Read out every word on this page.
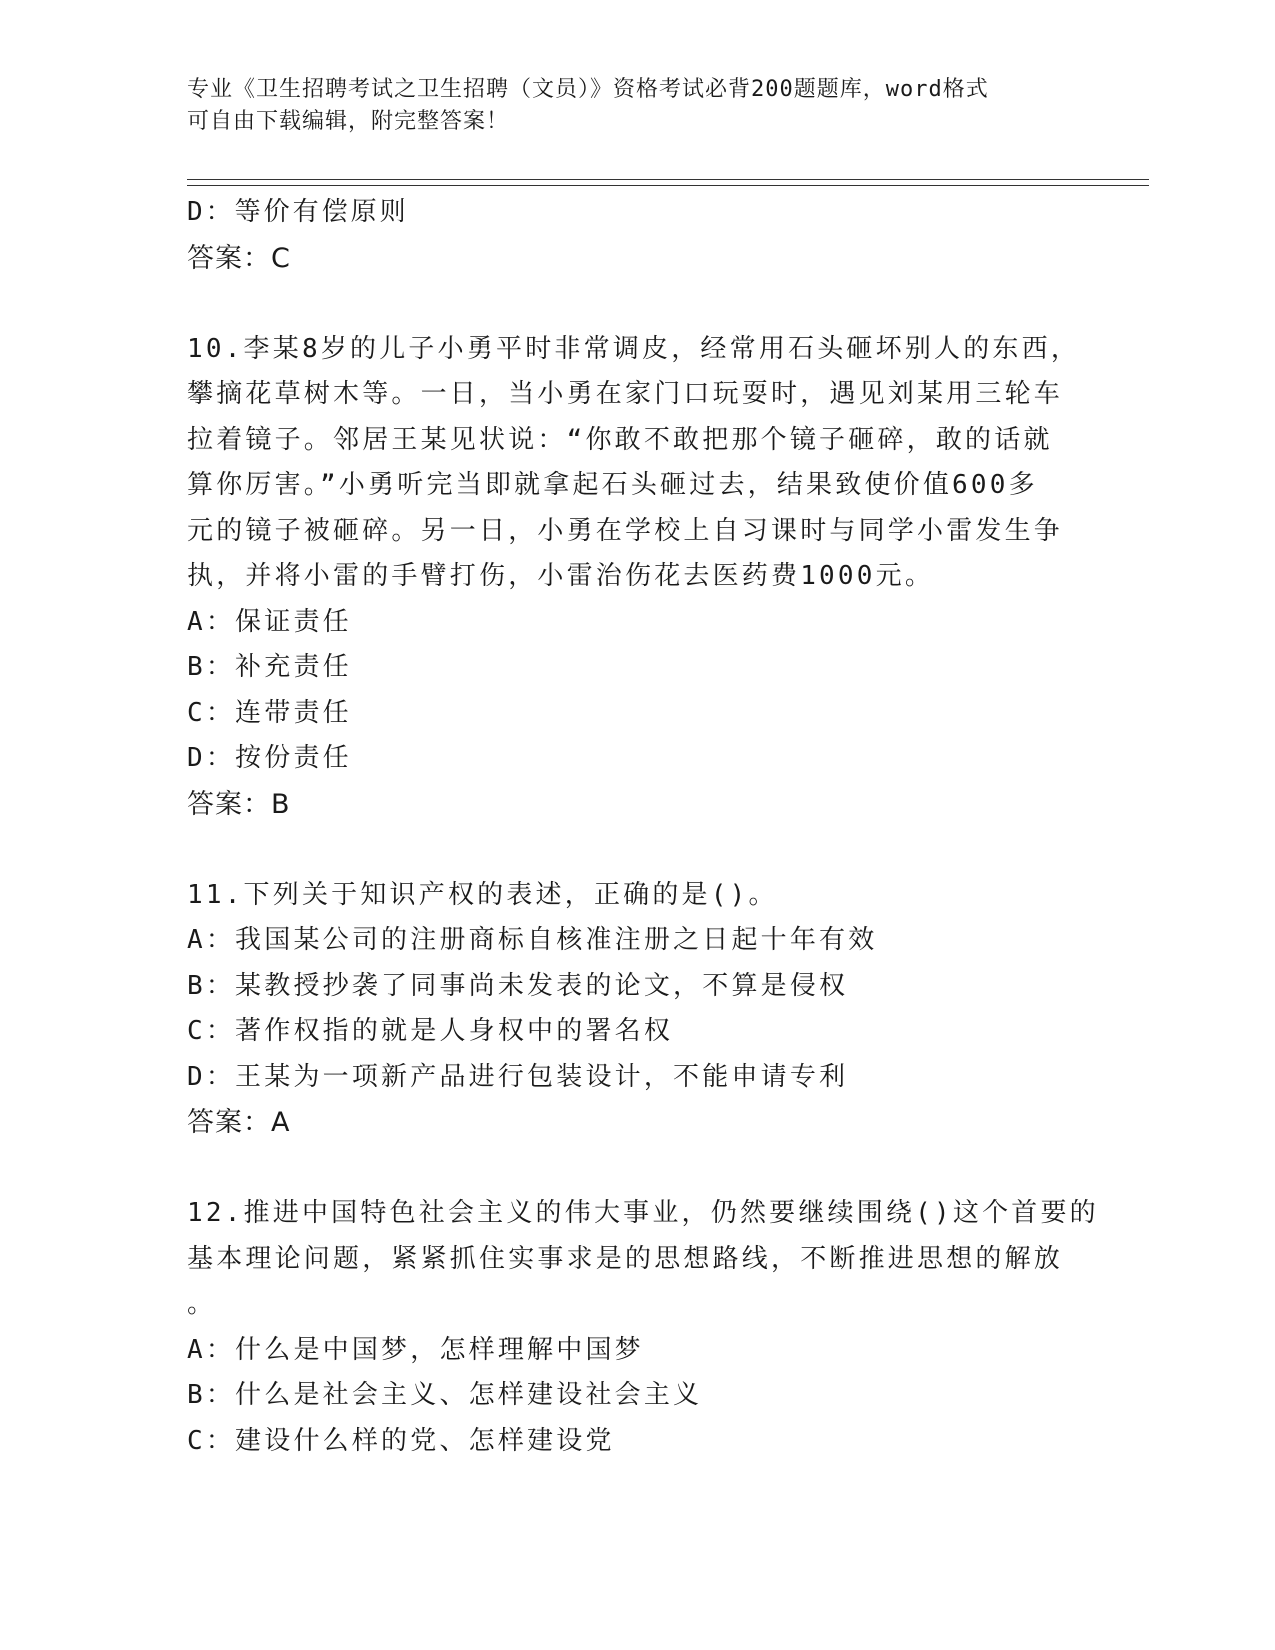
专业《卫生招聘考试之卫生招聘（文员）》资格考试必背200题题库，word格式

可自由下载编辑，附完整答案！

D：等价有偿原则

答案：C

10.李某8岁的儿子小勇平时非常调皮，经常用石头砸坏别人的东西，

攀摘花草树木等。一日，当小勇在家门口玩耍时，遇见刘某用三轮车

拉着镜子。邻居王某见状说：“你敢不敢把那个镜子砸碎，敢的话就

算你厉害。”小勇听完当即就拿起石头砸过去，结果致使价值600多

元的镜子被砸碎。另一日，小勇在学校上自习课时与同学小雷发生争

执，并将小雷的手臂打伤，小雷治伤花去医药费1000元。

A：保证责任

B：补充责任

C：连带责任

D：按份责任

答案：B

11.下列关于知识产权的表述，正确的是()。

A：我国某公司的注册商标自核准注册之日起十年有效

B：某教授抄袭了同事尚未发表的论文，不算是侵权

C：著作权指的就是人身权中的署名权

D：王某为一项新产品进行包装设计，不能申请专利

答案：A

12.推进中国特色社会主义的伟大事业，仍然要继续围绕()这个首要的

基本理论问题，紧紧抓住实事求是的思想路线，不断推进思想的解放

。

A：什么是中国梦，怎样理解中国梦

B：什么是社会主义、怎样建设社会主义

C：建设什么样的党、怎样建设党
